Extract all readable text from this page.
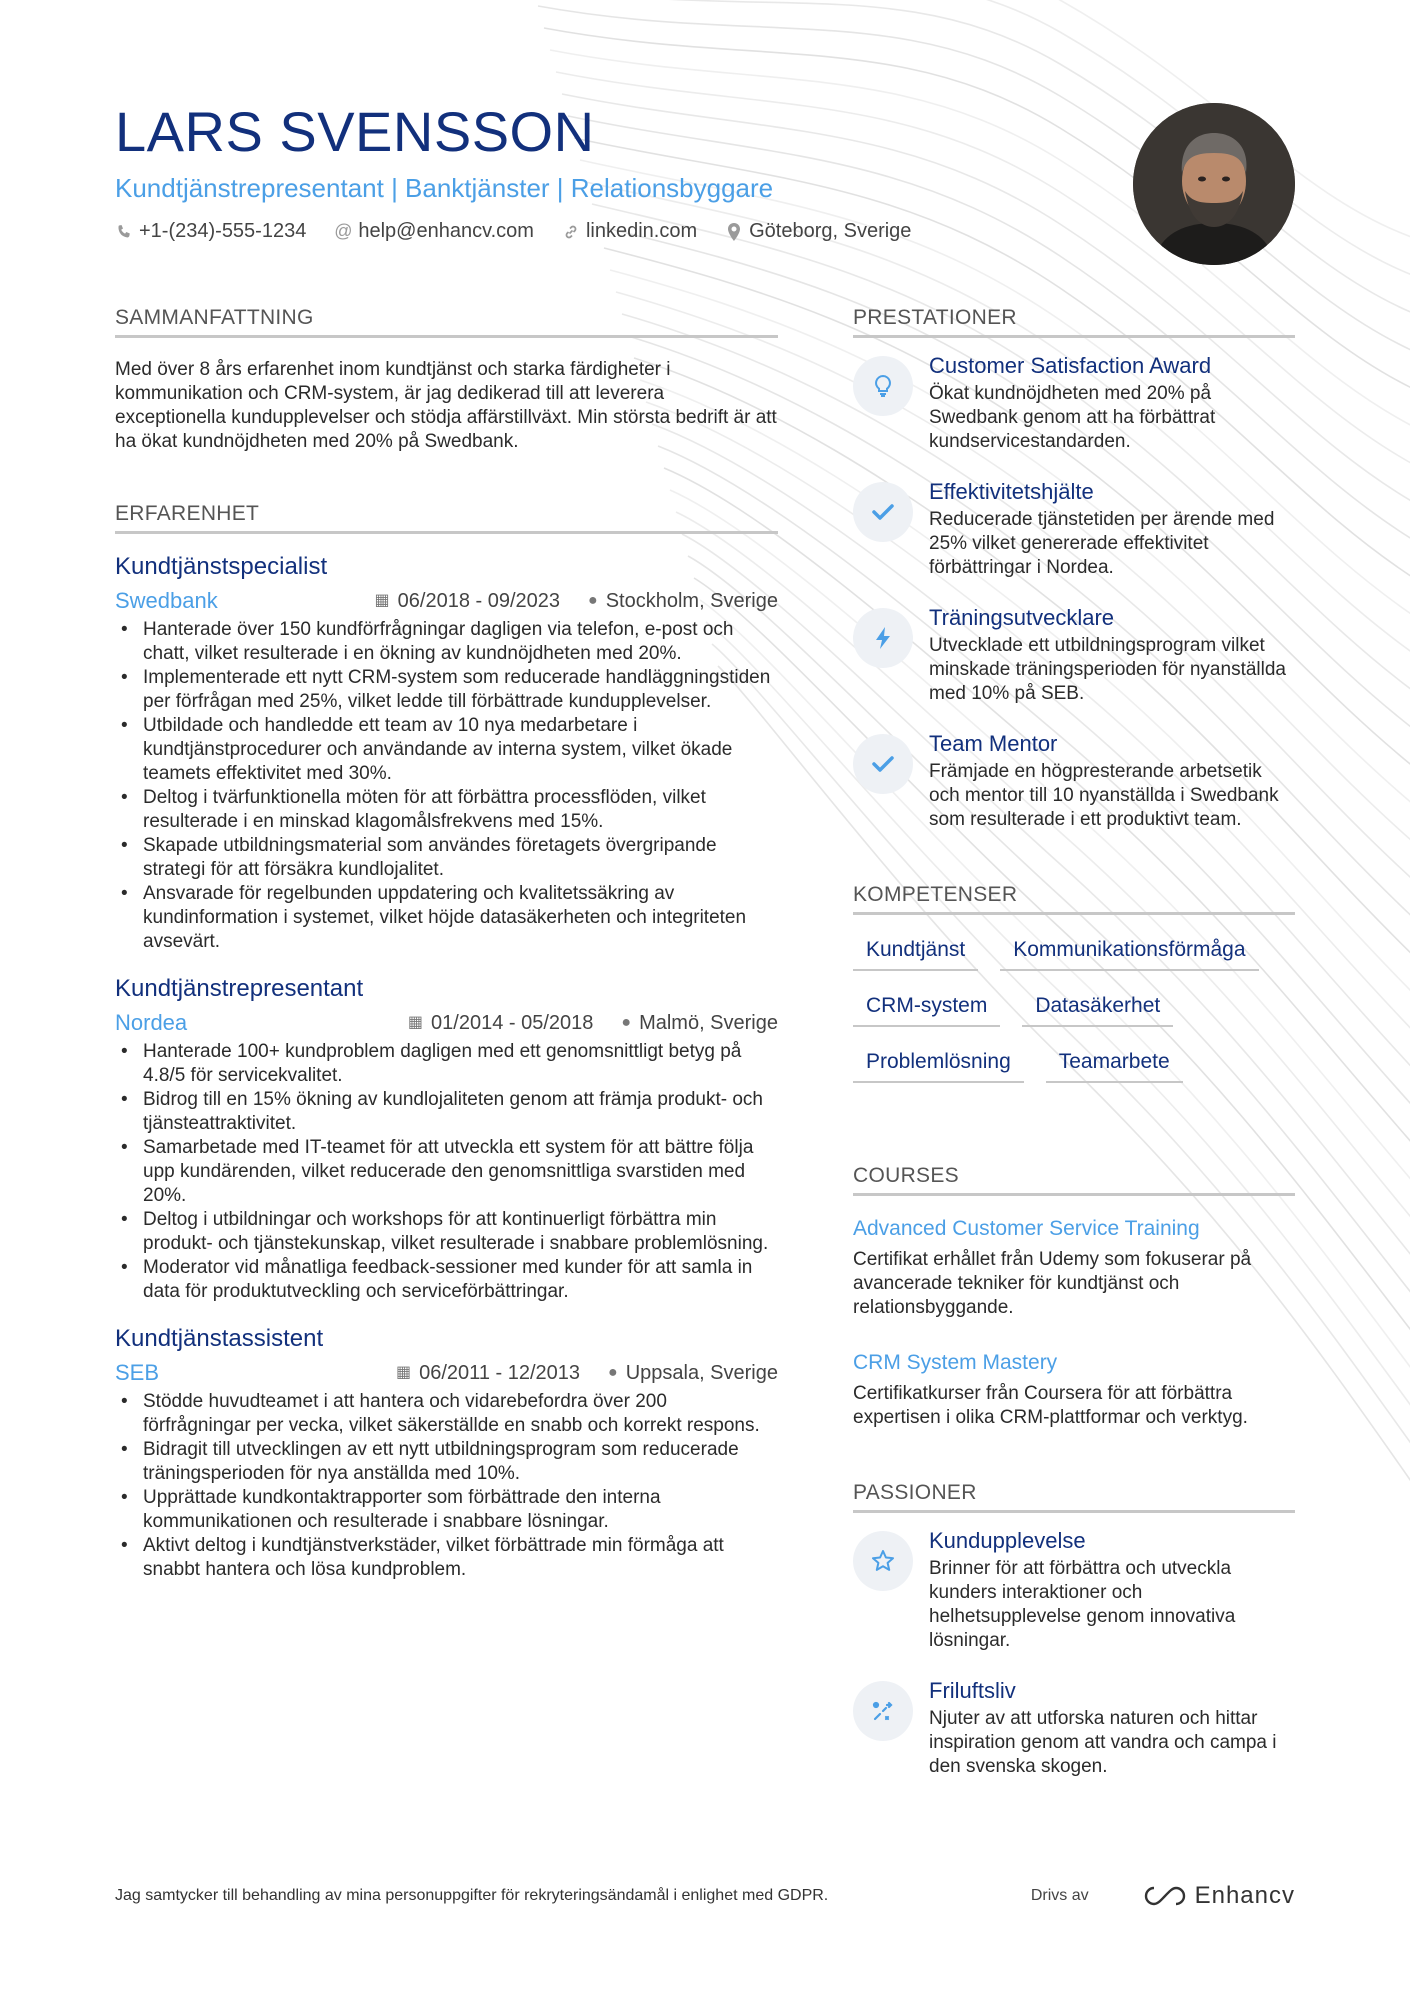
LARS SVENSSON
Kundtjänstrepresentant | Banktjänster | Relationsbyggare
+1-(234)-555-1234 @ help@enhancv.com	linkedin.com	Göteborg, Sverige
SAMMANFATTNING
Med över 8 års erfarenhet inom kundtjänst och starka färdigheter i kommunikation och CRM-system, är jag dedikerad till att leverera exceptionella kundupplevelser och stödja affärstillväxt. Min största bedrift är att ha ökat kundnöjdheten med 20% på Swedbank.
ERFARENHET
Kundtjänstspecialist
Swedbank	▦ 06/2018 - 09/2023 ● Stockholm, Sverige
• Hanterade över 150 kundförfrågningar dagligen via telefon, e-post och chatt, vilket resulterade i en ökning av kundnöjdheten med 20%.
• Implementerade ett nytt CRM-system som reducerade handläggningstiden per förfrågan med 25%, vilket ledde till förbättrade kundupplevelser.
• Utbildade och handledde ett team av 10 nya medarbetare i kundtjänstprocedurer och användande av interna system, vilket ökade teamets effektivitet med 30%.
• Deltog i tvärfunktionella möten för att förbättra processflöden, vilket resulterade i en minskad klagomålsfrekvens med 15%.
• Skapade utbildningsmaterial som användes företagets övergripande strategi för att försäkra kundlojalitet.
• Ansvarade för regelbunden uppdatering och kvalitetssäkring av kundinformation i systemet, vilket höjde datasäkerheten och integriteten avsevärt.
Kundtjänstrepresentant
Nordea	▦ 01/2014 - 05/2018 ● Malmö, Sverige
• Hanterade 100+ kundproblem dagligen med ett genomsnittligt betyg på 4.8/5 för servicekvalitet.
• Bidrog till en 15% ökning av kundlojaliteten genom att främja produkt- och tjänsteattraktivitet.
• Samarbetade med IT-teamet för att utveckla ett system för att bättre följa upp kundärenden, vilket reducerade den genomsnittliga svarstiden med 20%.
• Deltog i utbildningar och workshops för att kontinuerligt förbättra min produkt- och tjänstekunskap, vilket resulterade i snabbare problemlösning.
• Moderator vid månatliga feedback-sessioner med kunder för att samla in data för produktutveckling och serviceförbättringar.
Kundtjänstassistent
SEB	▦ 06/2011 - 12/2013 ● Uppsala, Sverige
• Stödde huvudteamet i att hantera och vidarebefordra över 200 förfrågningar per vecka, vilket säkerställde en snabb och korrekt respons.
• Bidragit till utvecklingen av ett nytt utbildningsprogram som reducerade träningsperioden för nya anställda med 10%.
• Upprättade kundkontaktrapporter som förbättrade den interna kommunikationen och resulterade i snabbare lösningar.
• Aktivt deltog i kundtjänstverkstäder, vilket förbättrade min förmåga att snabbt hantera och lösa kundproblem.
PRESTATIONER
Customer Satisfaction Award
Ökat kundnöjdheten med 20% på Swedbank genom att ha förbättrat kundservicestandarden.
Effektivitetshjälte
Reducerade tjänstetiden per ärende med 25% vilket genererade effektivitet förbättringar i Nordea.
Träningsutvecklare
Utvecklade ett utbildningsprogram vilket minskade träningsperioden för nyanställda med 10% på SEB.
Team Mentor
Främjade en högpresterande arbetsetik och mentor till 10 nyanställda i Swedbank som resulterade i ett produktivt team.
KOMPETENSER
Kundtjänst	Kommunikationsförmåga
CRM-system	Datasäkerhet
Problemlösning	Teamarbete
COURSES
Advanced Customer Service Training
Certifikat erhållet från Udemy som fokuserar på avancerade tekniker för kundtjänst och relationsbyggande.
CRM System Mastery
Certifikatkurser från Coursera för att förbättra expertisen i olika CRM-plattformar och verktyg.
PASSIONER
Kundupplevelse
Brinner för att förbättra och utveckla kunders interaktioner och helhetsupplevelse genom innovativa lösningar.
Friluftsliv
Njuter av att utforska naturen och hittar inspiration genom att vandra och campa i den svenska skogen.
Jag samtycker till behandling av mina personuppgifter för rekryteringsändamål i enlighet med GDPR.	Drivs av	Enhancv
